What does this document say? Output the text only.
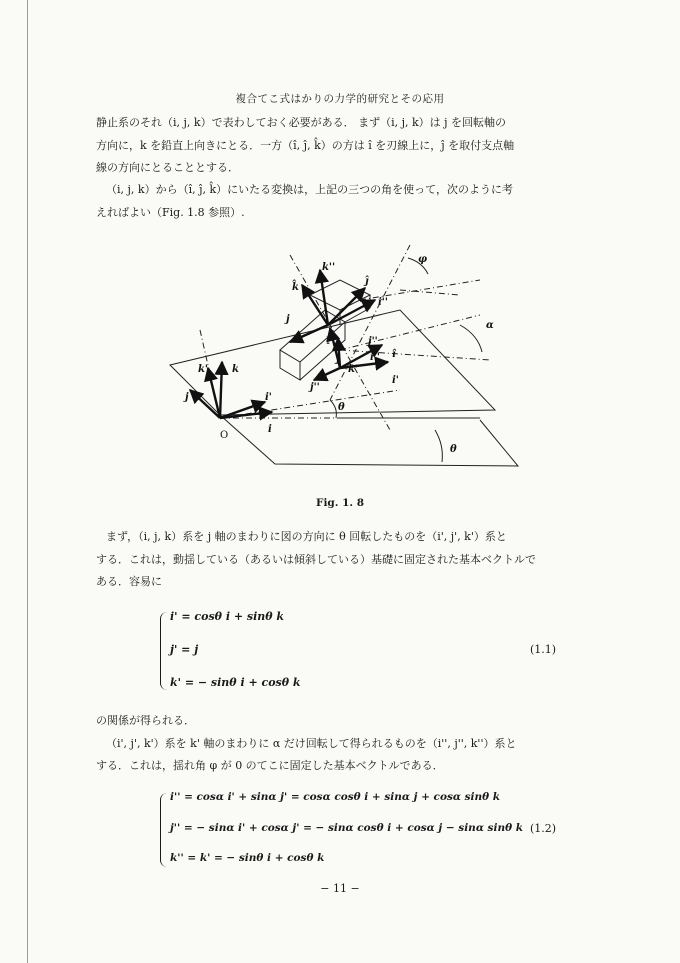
複合てこ式はかりの力学的研究とその応用
静止系のそれ（i, j, k）で表わしておく必要がある． まず（i, j, k）は j を回転軸の
方向に，k を鉛直上向きにとる．一方（î, ĵ, k̂）の方は î を刃線上に，ĵ を取付支点軸
線の方向にとることとする．
（i, j, k）から（î, ĵ, k̂）にいたる変換は，上記の三つの角を使って，次のように考
えればよい（Fig. 1.8 参照）.
φ
α
θ
θ
O
i
i'
j
k
k'
F
k''
i''
j''
k̂
ĵ
î
ĵ
j''
k'
i'
i''
j
Fig. 1. 8
まず，（i, j, k）系を j 軸のまわりに図の方向に θ 回転したものを（i', j', k'）系と
する．これは，動揺している（あるいは傾斜している）基礎に固定された基本ベクトルで
ある．容易に
i' = cosθ i + sinθ k
j' = j
k' = − sinθ i + cosθ k
(1.1)
の関係が得られる．
（i', j', k'）系を k' 軸のまわりに α だけ回転して得られるものを（i'', j'', k''）系と
する．これは，揺れ角 φ が 0 のてこに固定した基本ベクトルである．
i'' = cosα i' + sinα j' = cosα cosθ i + sinα j + cosα sinθ k
j'' = − sinα i' + cosα j' = − sinα cosθ i + cosα j − sinα sinθ k
k'' = k' = − sinθ i + cosθ k
(1.2)
− 11 −
